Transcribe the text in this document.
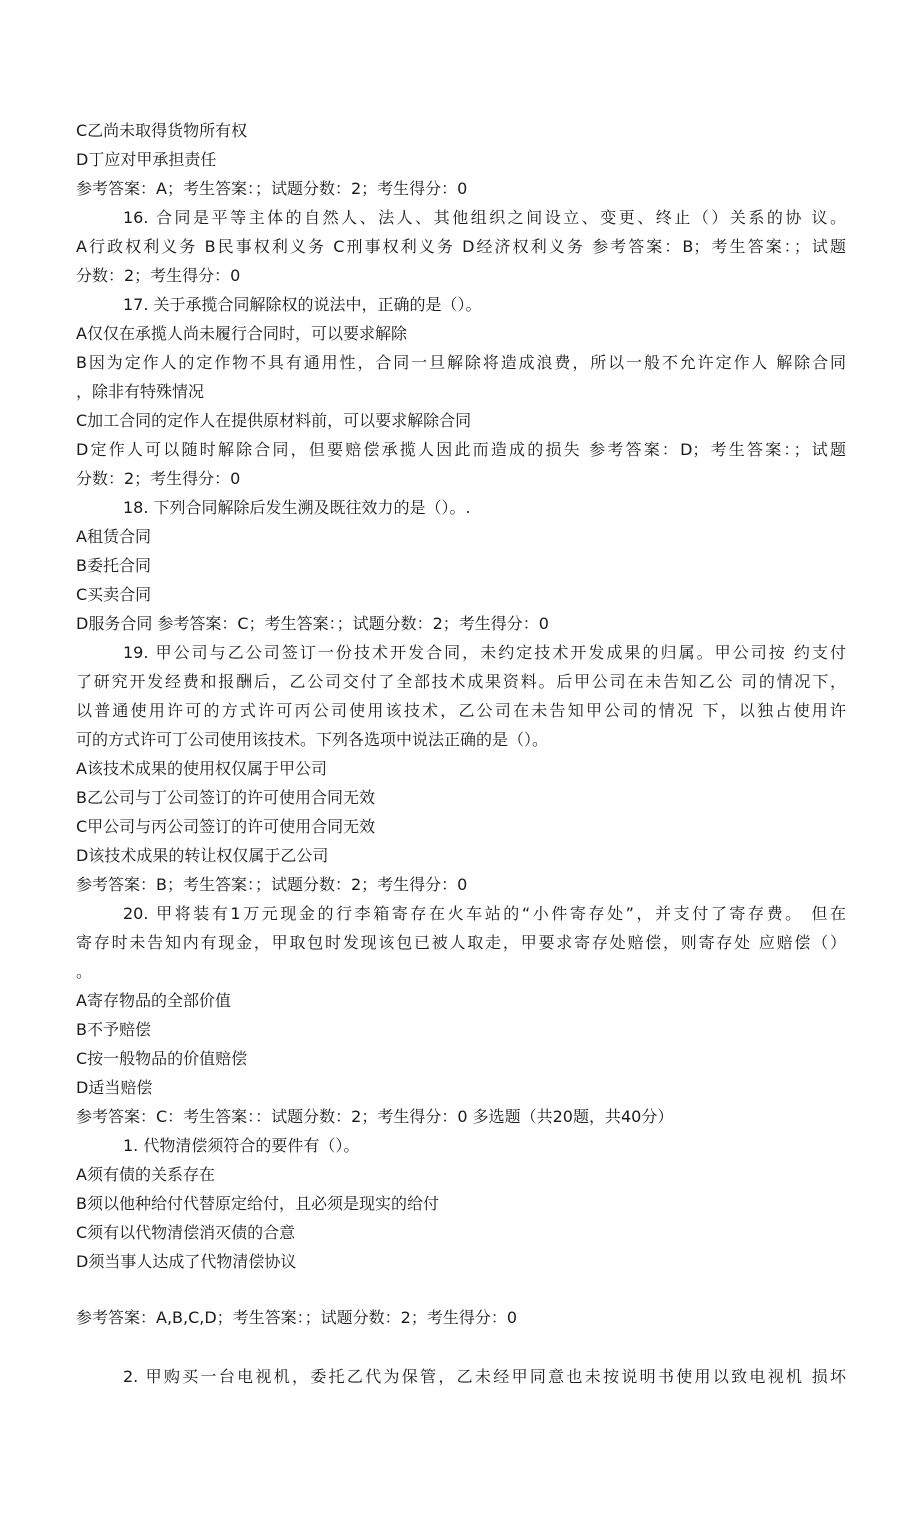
C乙尚未取得货物所有权
D丁应对甲承担责任
参考答案：A；考生答案：；试题分数：2；考生得分：0
16. 合同是平等主体的自然人、法人、其他组织之间设立、变更、终止（）关系的协 议。
A行政权利义务 B民事权利义务 C刑事权利义务 D经济权利义务 参考答案：B；考生答案：；试题
分数：2；考生得分：0
17. 关于承揽合同解除权的说法中，正确的是（）。
A仅仅在承揽人尚未履行合同时，可以要求解除
B因为定作人的定作物不具有通用性，合同一旦解除将造成浪费，所以一般不允许定作人 解除合同
，除非有特殊情况
C加工合同的定作人在提供原材料前，可以要求解除合同
D定作人可以随时解除合同，但要赔偿承揽人因此而造成的损失 参考答案：D；考生答案：；试题
分数：2；考生得分：0
18. 下列合同解除后发生溯及既往效力的是（）。.
A租赁合同
B委托合同
C买卖合同
D服务合同 参考答案：C；考生答案：；试题分数：2；考生得分：0
19. 甲公司与乙公司签订一份技术开发合同，未约定技术开发成果的归属。甲公司按 约支付
了研究开发经费和报酬后，乙公司交付了全部技术成果资料。后甲公司在未告知乙公 司的情况下，
以普通使用许可的方式许可丙公司使用该技术，乙公司在未告知甲公司的情况 下，以独占使用许
可的方式许可丁公司使用该技术。下列各选项中说法正确的是（）。
A该技术成果的使用权仅属于甲公司
B乙公司与丁公司签订的许可使用合同无效
C甲公司与丙公司签订的许可使用合同无效
D该技术成果的转让权仅属于乙公司
参考答案：B；考生答案：；试题分数：2；考生得分：0
20. 甲将装有1万元现金的行李箱寄存在火车站的“小件寄存处”，并支付了寄存费。 但在
寄存时未告知内有现金，甲取包时发现该包已被人取走，甲要求寄存处赔偿，则寄存处 应赔偿（）
。
A寄存物品的全部价值
B不予赔偿
C按一般物品的价值赔偿
D适当赔偿
参考答案：C：考生答案：：试题分数：2；考生得分：0 多选题（共20题，共40分）
1. 代物清偿须符合的要件有（）。
A须有债的关系存在
B须以他种给付代替原定给付，且必须是现实的给付
C须有以代物清偿消灭债的合意
D须当事人达成了代物清偿协议
参考答案：A,B,C,D；考生答案：；试题分数：2；考生得分：0
2. 甲购买一台电视机，委托乙代为保管，乙未经甲同意也未按说明书使用以致电视机 损坏
